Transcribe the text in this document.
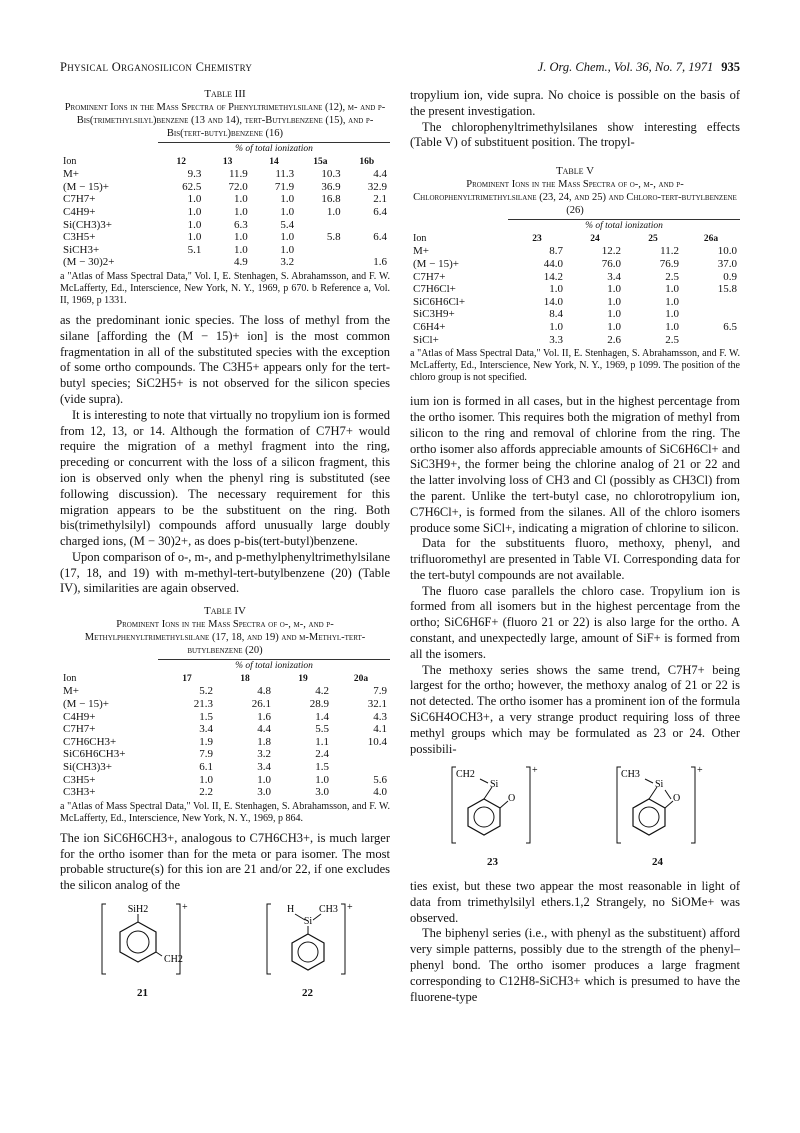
Physical Organosilicon Chemistry	J. Org. Chem., Vol. 36, No. 7, 1971 935
Table III
Prominent Ions in the Mass Spectra of Phenyltrimethylsilane (12), m- and p-Bis(trimethylsilyl)benzene (13 and 14), tert-Butylbenzene (15), and p-Bis(tert-butyl)benzene (16)
	% of total ionization				
Ion	12	13	14	15a	16b
M+	9.3	11.9	11.3	10.3	4.4
(M − 15)+	62.5	72.0	71.9	36.9	32.9
C7H7+	1.0	1.0	1.0	16.8	2.1
C4H9+	1.0	1.0	1.0	1.0	6.4
Si(CH3)3+	1.0	6.3	5.4		
C3H5+	1.0	1.0	1.0	5.8	6.4
SiCH3+	5.1	1.0	1.0		
(M − 30)2+		4.9	3.2		1.6
a "Atlas of Mass Spectral Data," Vol. I, E. Stenhagen, S. Abrahamsson, and F. W. McLafferty, Ed., Interscience, New York, N. Y., 1969, p 670. b Reference a, Vol. II, 1969, p 1331.

as the predominant ionic species. The loss of methyl from the silane [affording the (M − 15)+ ion] is the most common fragmentation in all of the substituted species with the exception of some ortho compounds. The C3H5+ appears only for the tert-butyl species; SiC2H5+ is not observed for the silicon species (vide supra).

It is interesting to note that virtually no tropylium ion is formed from 12, 13, or 14. Although the formation of C7H7+ would require the migration of a methyl fragment into the ring, preceding or concurrent with the loss of a silicon fragment, this ion is observed only when the phenyl ring is substituted (see following discussion). The necessary requirement for this migration appears to be the substituent on the ring. Both bis(trimethylsilyl) compounds afford unusually large doubly charged ions, (M − 30)2+, as does p-bis(tert-butyl)benzene.

Upon comparison of o-, m-, and p-methylphenyltrimethylsilane (17, 18, and 19) with m-methyl-tert-butylbenzene (20) (Table IV), similarities are again observed.

Table IV
Prominent Ions in the Mass Spectra of o-, m-, and p-Methylphenyltrimethylsilane (17, 18, and 19) and m-Methyl-tert-butylbenzene (20)
	% of total ionization			
Ion	17	18	19	20a
M+	5.2	4.8	4.2	7.9
(M − 15)+	21.3	26.1	28.9	32.1
C4H9+	1.5	1.6	1.4	4.3
C7H7+	3.4	4.4	5.5	4.1
C7H6CH3+	1.9	1.8	1.1	10.4
SiC6H6CH3+	7.9	3.2	2.4	
Si(CH3)3+	6.1	3.4	1.5	
C3H5+	1.0	1.0	1.0	5.6
C3H3+	2.2	3.0	3.0	4.0
a "Atlas of Mass Spectral Data," Vol. II, E. Stenhagen, S. Abrahamsson, and F. W. McLafferty, Ed., Interscience, New York, N. Y., 1969, p 864.

The ion SiC6H6CH3+, analogous to C7H6CH3+, is much larger for the ortho isomer than for the meta or para isomer. The most probable structure(s) for this ion are 21 and/or 22, if one excludes the silicon analog of the

SiH2
CH2
+
21
Si
H CH3 +
22

tropylium ion, vide supra. No choice is possible on the basis of the present investigation.

The chlorophenyltrimethylsilanes show interesting effects (Table V) of substituent position. The tropyl-

Table V
Prominent Ions in the Mass Spectra of o-, m-, and p-Chlorophenyltrimethylsilane (23, 24, and 25) and Chloro-tert-butylbenzene (26)
	% of total ionization			
Ion	23	24	25	26a
M+	8.7	12.2	11.2	10.0
(M − 15)+	44.0	76.0	76.9	37.0
C7H7+	14.2	3.4	2.5	0.9
C7H6Cl+	1.0	1.0	1.0	15.8
SiC6H6Cl+	14.0	1.0	1.0	
SiC3H9+	8.4	1.0	1.0	
C6H4+	1.0	1.0	1.0	6.5
SiCl+	3.3	2.6	2.5	
a "Atlas of Mass Spectral Data," Vol. II, E. Stenhagen, S. Abrahamsson, and F. W. McLafferty, Ed., Interscience, New York, N. Y., 1969, p 1099. The position of the chloro group is not specified.

ium ion is formed in all cases, but in the highest percentage from the ortho isomer. This requires both the migration of methyl from silicon to the ring and removal of chlorine from the ring. The ortho isomer also affords appreciable amounts of SiC6H6Cl+ and SiC3H9+, the former being the chlorine analog of 21 or 22 and the latter involving loss of CH3 and Cl (possibly as CH3Cl) from the parent. Unlike the tert-butyl case, no chlorotropylium ion, C7H6Cl+, is formed from the silanes. All of the chloro isomers produce some SiCl+, indicating a migration of chlorine to silicon.

Data for the substituents fluoro, methoxy, phenyl, and trifluoromethyl are presented in Table VI. Corresponding data for the tert-butyl compounds are not available.

The fluoro case parallels the chloro case. Tropylium ion is formed from all isomers but in the highest percentage from the ortho; SiC6H6F+ (fluoro 21 or 22) is also large for the ortho. A constant, and unexpectedly large, amount of SiF+ is formed from all the isomers.

The methoxy series shows the same trend, C7H7+ being largest for the ortho; however, the methoxy analog of 21 or 22 is not detected. The ortho isomer has a prominent ion of the formula SiC6H4OCH3+, a very strange product requiring loss of three methyl groups which may be formulated as 23 or 24. Other possibili-

CH2
Si
O
+
23
CH3
Si
O
+
24

ties exist, but these two appear the most reasonable in light of data from trimethylsilyl ethers.1,2 Strangely, no SiOMe+ was observed.

The biphenyl series (i.e., with phenyl as the substituent) afford very simple patterns, possibly due to the strength of the phenyl–phenyl bond. The ortho isomer produces a large fragment corresponding to C12H8-SiCH3+ which is presumed to have the fluorene-type
